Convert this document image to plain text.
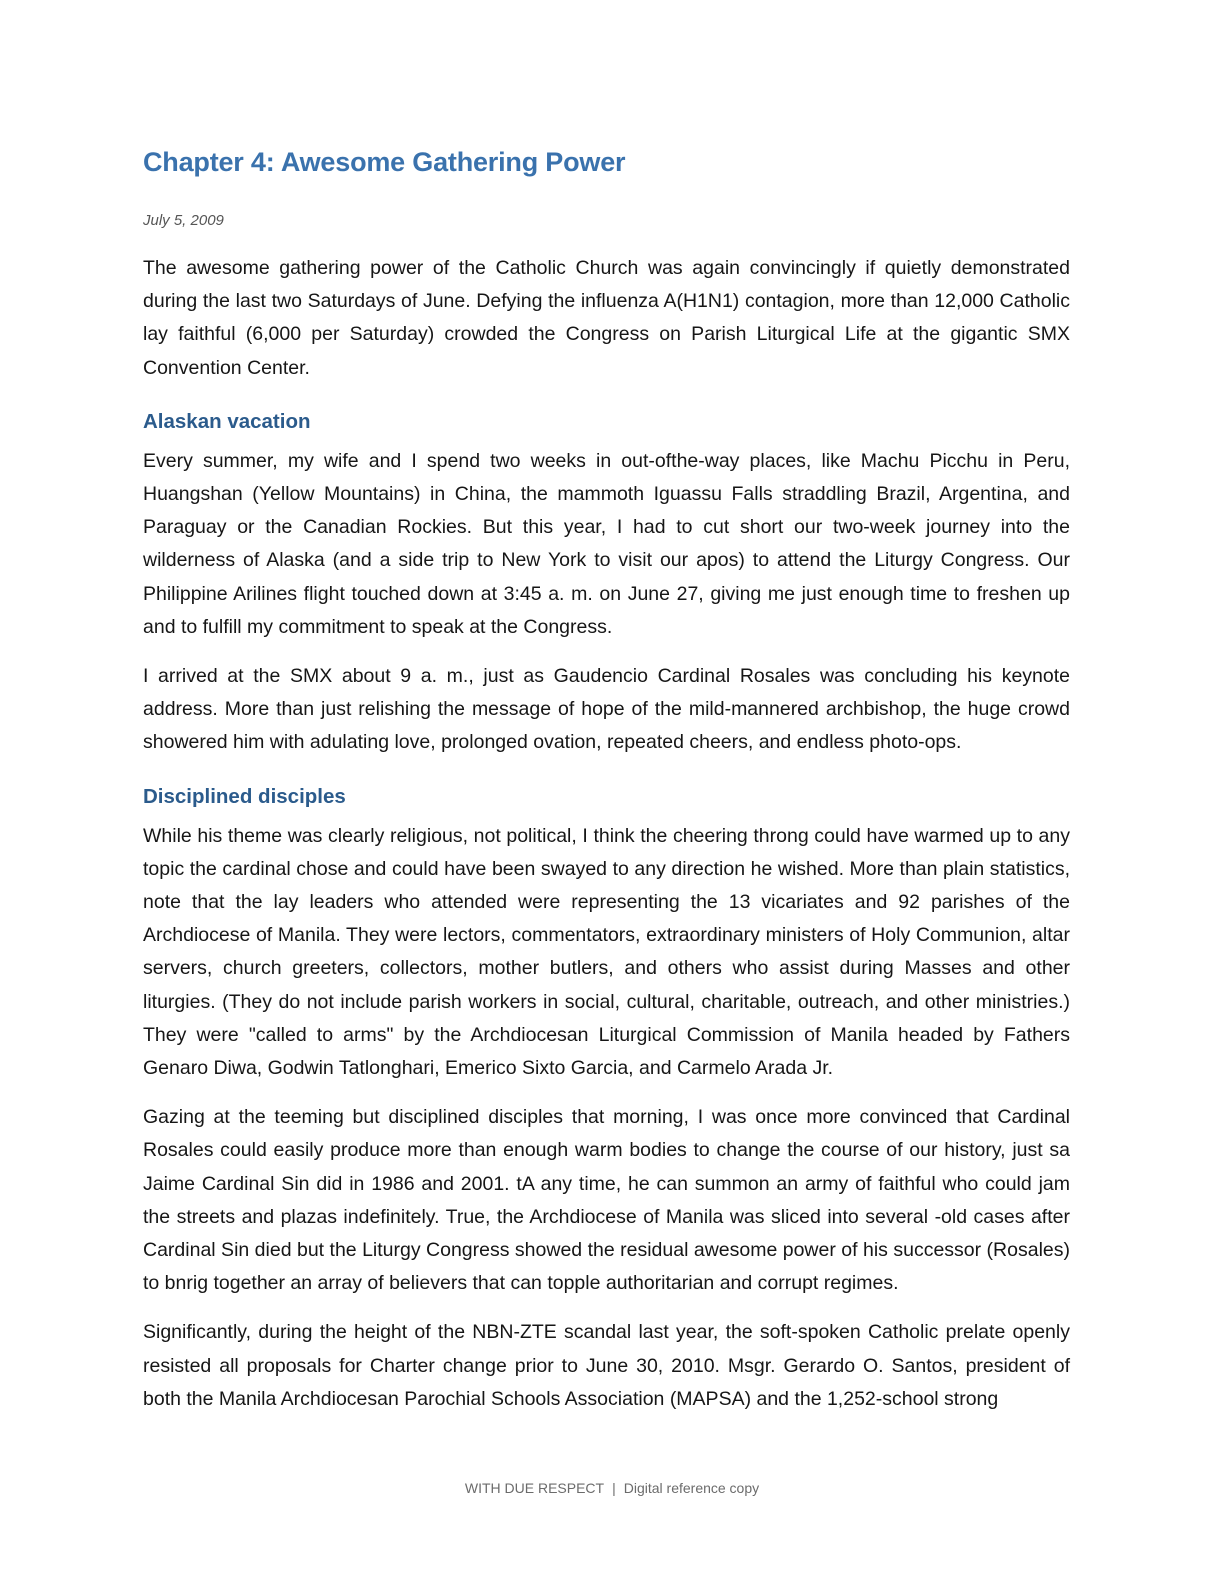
Chapter 4: Awesome Gathering Power
July 5, 2009

The awesome gathering power of the Catholic Church was again convincingly if quietly demonstrated during the last two Saturdays of June. Defying the influenza A(H1N1) contagion, more than 12,000 Catholic lay faithful (6,000 per Saturday) crowded the Congress on Parish Liturgical Life at the gigantic SMX Convention Center.

Alaskan vacation

Every summer, my wife and I spend two weeks in out-ofthe-way places, like Machu Picchu in Peru, Huangshan (Yellow Mountains) in China, the mammoth Iguassu Falls straddling Brazil, Argentina, and Paraguay or the Canadian Rockies. But this year, I had to cut short our two-week journey into the wilderness of Alaska (and a side trip to New York to visit our apos) to attend the Liturgy Congress. Our Philippine Arilines flight touched down at 3:45 a. m. on June 27, giving me just enough time to freshen up and to fulfill my commitment to speak at the Congress.

I arrived at the SMX about 9 a. m., just as Gaudencio Cardinal Rosales was concluding his keynote address. More than just relishing the message of hope of the mild-mannered archbishop, the huge crowd showered him with adulating love, prolonged ovation, repeated cheers, and endless photo-ops.

Disciplined disciples

While his theme was clearly religious, not political, I think the cheering throng could have warmed up to any topic the cardinal chose and could have been swayed to any direction he wished. More than plain statistics, note that the lay leaders who attended were representing the 13 vicariates and 92 parishes of the Archdiocese of Manila. They were lectors, commentators, extraordinary ministers of Holy Communion, altar servers, church greeters, collectors, mother butlers, and others who assist during Masses and other liturgies. (They do not include parish workers in social, cultural, charitable, outreach, and other ministries.) They were "called to arms" by the Archdiocesan Liturgical Commission of Manila headed by Fathers Genaro Diwa, Godwin Tatlonghari, Emerico Sixto Garcia, and Carmelo Arada Jr.

Gazing at the teeming but disciplined disciples that morning, I was once more convinced that Cardinal Rosales could easily produce more than enough warm bodies to change the course of our history, just sa Jaime Cardinal Sin did in 1986 and 2001. tA any time, he can summon an army of faithful who could jam the streets and plazas indefinitely. True, the Archdiocese of Manila was sliced into several -old cases after Cardinal Sin died but the Liturgy Congress showed the residual awesome power of his successor (Rosales) to bnrig together an array of believers that can topple authoritarian and corrupt regimes.

Significantly, during the height of the NBN-ZTE scandal last year, the soft-spoken Catholic prelate openly resisted all proposals for Charter change prior to June 30, 2010. Msgr. Gerardo O. Santos, president of both the Manila Archdiocesan Parochial Schools Association (MAPSA) and the 1,252-school strong

WITH DUE RESPECT | Digital reference copy
